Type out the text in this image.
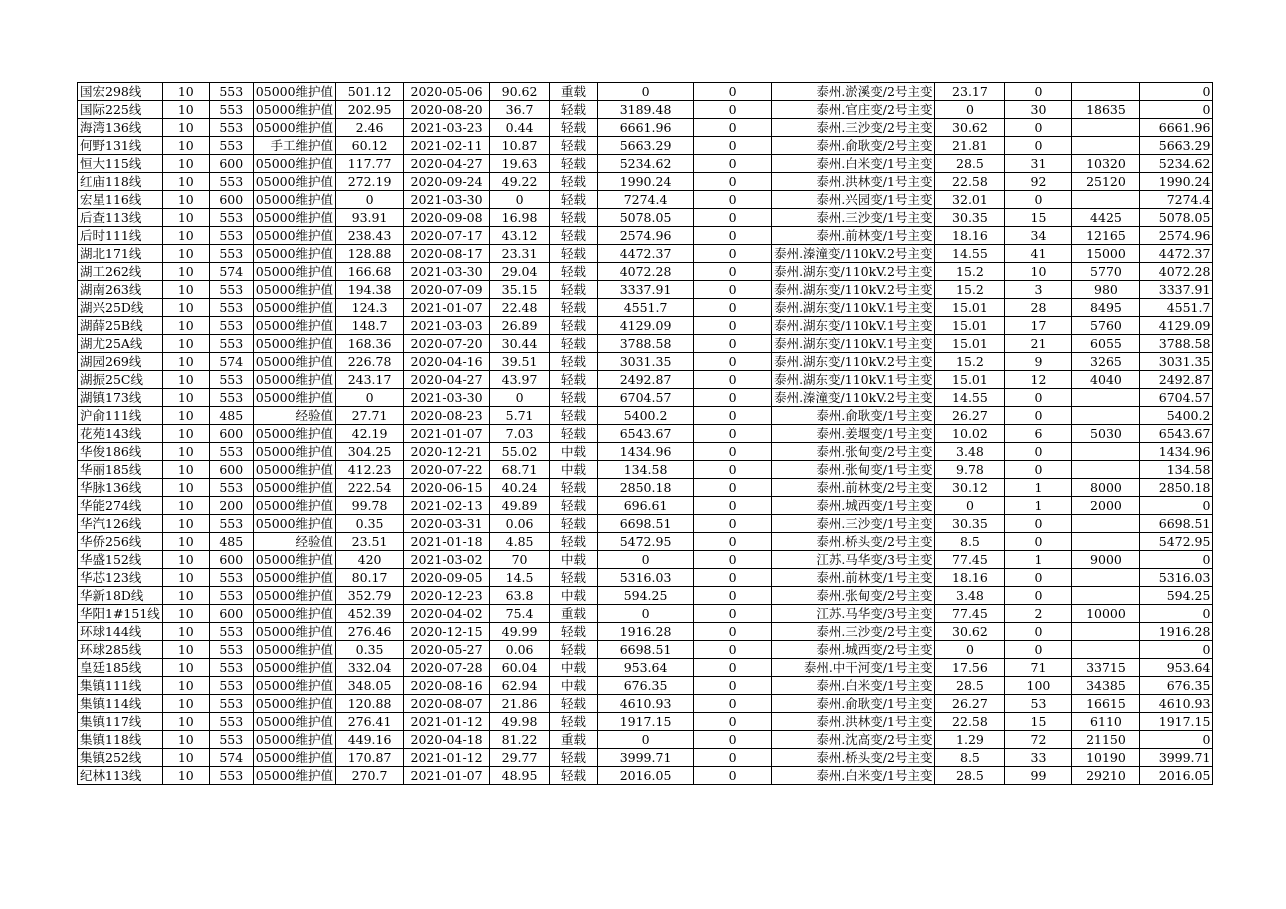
国宏298线	10	553	05000维护值	501.12	2020-05-06	90.62	重载	0	0	泰州.淤溪变/2号主变	23.17	0		0
国际225线	10	553	05000维护值	202.95	2020-08-20	36.7	轻载	3189.48	0	泰州.官庄变/2号主变	0	30	18635	0
海湾136线	10	553	05000维护值	2.46	2021-03-23	0.44	轻载	6661.96	0	泰州.三沙变/2号主变	30.62	0		6661.96
何野131线	10	553	手工维护值	60.12	2021-02-11	10.87	轻载	5663.29	0	泰州.俞耿变/2号主变	21.81	0		5663.29
恒大115线	10	600	05000维护值	117.77	2020-04-27	19.63	轻载	5234.62	0	泰州.白米变/1号主变	28.5	31	10320	5234.62
红庙118线	10	553	05000维护值	272.19	2020-09-24	49.22	轻载	1990.24	0	泰州.洪林变/1号主变	22.58	92	25120	1990.24
宏星116线	10	600	05000维护值	0	2021-03-30	0	轻载	7274.4	0	泰州.兴园变/1号主变	32.01	0		7274.4
后查113线	10	553	05000维护值	93.91	2020-09-08	16.98	轻载	5078.05	0	泰州.三沙变/1号主变	30.35	15	4425	5078.05
后时111线	10	553	05000维护值	238.43	2020-07-17	43.12	轻载	2574.96	0	泰州.前林变/1号主变	18.16	34	12165	2574.96
湖北171线	10	553	05000维护值	128.88	2020-08-17	23.31	轻载	4472.37	0	泰州.溱潼变/110kV.2号主变	14.55	41	15000	4472.37
湖工262线	10	574	05000维护值	166.68	2021-03-30	29.04	轻载	4072.28	0	泰州.湖东变/110kV.2号主变	15.2	10	5770	4072.28
湖南263线	10	553	05000维护值	194.38	2020-07-09	35.15	轻载	3337.91	0	泰州.湖东变/110kV.2号主变	15.2	3	980	3337.91
湖兴25D线	10	553	05000维护值	124.3	2021-01-07	22.48	轻载	4551.7	0	泰州.湖东变/110kV.1号主变	15.01	28	8495	4551.7
湖薛25B线	10	553	05000维护值	148.7	2021-03-03	26.89	轻载	4129.09	0	泰州.湖东变/110kV.1号主变	15.01	17	5760	4129.09
湖尤25A线	10	553	05000维护值	168.36	2020-07-20	30.44	轻载	3788.58	0	泰州.湖东变/110kV.1号主变	15.01	21	6055	3788.58
湖园269线	10	574	05000维护值	226.78	2020-04-16	39.51	轻载	3031.35	0	泰州.湖东变/110kV.2号主变	15.2	9	3265	3031.35
湖振25C线	10	553	05000维护值	243.17	2020-04-27	43.97	轻载	2492.87	0	泰州.湖东变/110kV.1号主变	15.01	12	4040	2492.87
湖镇173线	10	553	05000维护值	0	2021-03-30	0	轻载	6704.57	0	泰州.溱潼变/110kV.2号主变	14.55	0		6704.57
沪俞111线	10	485	经验值	27.71	2020-08-23	5.71	轻载	5400.2	0	泰州.俞耿变/1号主变	26.27	0		5400.2
花苑143线	10	600	05000维护值	42.19	2021-01-07	7.03	轻载	6543.67	0	泰州.姜堰变/1号主变	10.02	6	5030	6543.67
华俊186线	10	553	05000维护值	304.25	2020-12-21	55.02	中载	1434.96	0	泰州.张甸变/2号主变	3.48	0		1434.96
华丽185线	10	600	05000维护值	412.23	2020-07-22	68.71	中载	134.58	0	泰州.张甸变/1号主变	9.78	0		134.58
华脉136线	10	553	05000维护值	222.54	2020-06-15	40.24	轻载	2850.18	0	泰州.前林变/2号主变	30.12	1	8000	2850.18
华能274线	10	200	05000维护值	99.78	2021-02-13	49.89	轻载	696.61	0	泰州.城西变/1号主变	0	1	2000	0
华汽126线	10	553	05000维护值	0.35	2020-03-31	0.06	轻载	6698.51	0	泰州.三沙变/1号主变	30.35	0		6698.51
华侨256线	10	485	经验值	23.51	2021-01-18	4.85	轻载	5472.95	0	泰州.桥头变/2号主变	8.5	0		5472.95
华盛152线	10	600	05000维护值	420	2021-03-02	70	中载	0	0	江苏.马华变/3号主变	77.45	1	9000	0
华芯123线	10	553	05000维护值	80.17	2020-09-05	14.5	轻载	5316.03	0	泰州.前林变/1号主变	18.16	0		5316.03
华新18D线	10	553	05000维护值	352.79	2020-12-23	63.8	中载	594.25	0	泰州.张甸变/2号主变	3.48	0		594.25
华阳1#151线	10	600	05000维护值	452.39	2020-04-02	75.4	重载	0	0	江苏.马华变/3号主变	77.45	2	10000	0
环球144线	10	553	05000维护值	276.46	2020-12-15	49.99	轻载	1916.28	0	泰州.三沙变/2号主变	30.62	0		1916.28
环球285线	10	553	05000维护值	0.35	2020-05-27	0.06	轻载	6698.51	0	泰州.城西变/2号主变	0	0		0
皇廷185线	10	553	05000维护值	332.04	2020-07-28	60.04	中载	953.64	0	泰州.中干河变/1号主变	17.56	71	33715	953.64
集镇111线	10	553	05000维护值	348.05	2020-08-16	62.94	中载	676.35	0	泰州.白米变/1号主变	28.5	100	34385	676.35
集镇114线	10	553	05000维护值	120.88	2020-08-07	21.86	轻载	4610.93	0	泰州.俞耿变/1号主变	26.27	53	16615	4610.93
集镇117线	10	553	05000维护值	276.41	2021-01-12	49.98	轻载	1917.15	0	泰州.洪林变/1号主变	22.58	15	6110	1917.15
集镇118线	10	553	05000维护值	449.16	2020-04-18	81.22	重载	0	0	泰州.沈高变/2号主变	1.29	72	21150	0
集镇252线	10	574	05000维护值	170.87	2021-01-12	29.77	轻载	3999.71	0	泰州.桥头变/2号主变	8.5	33	10190	3999.71
纪林113线	10	553	05000维护值	270.7	2021-01-07	48.95	轻载	2016.05	0	泰州.白米变/1号主变	28.5	99	29210	2016.05
